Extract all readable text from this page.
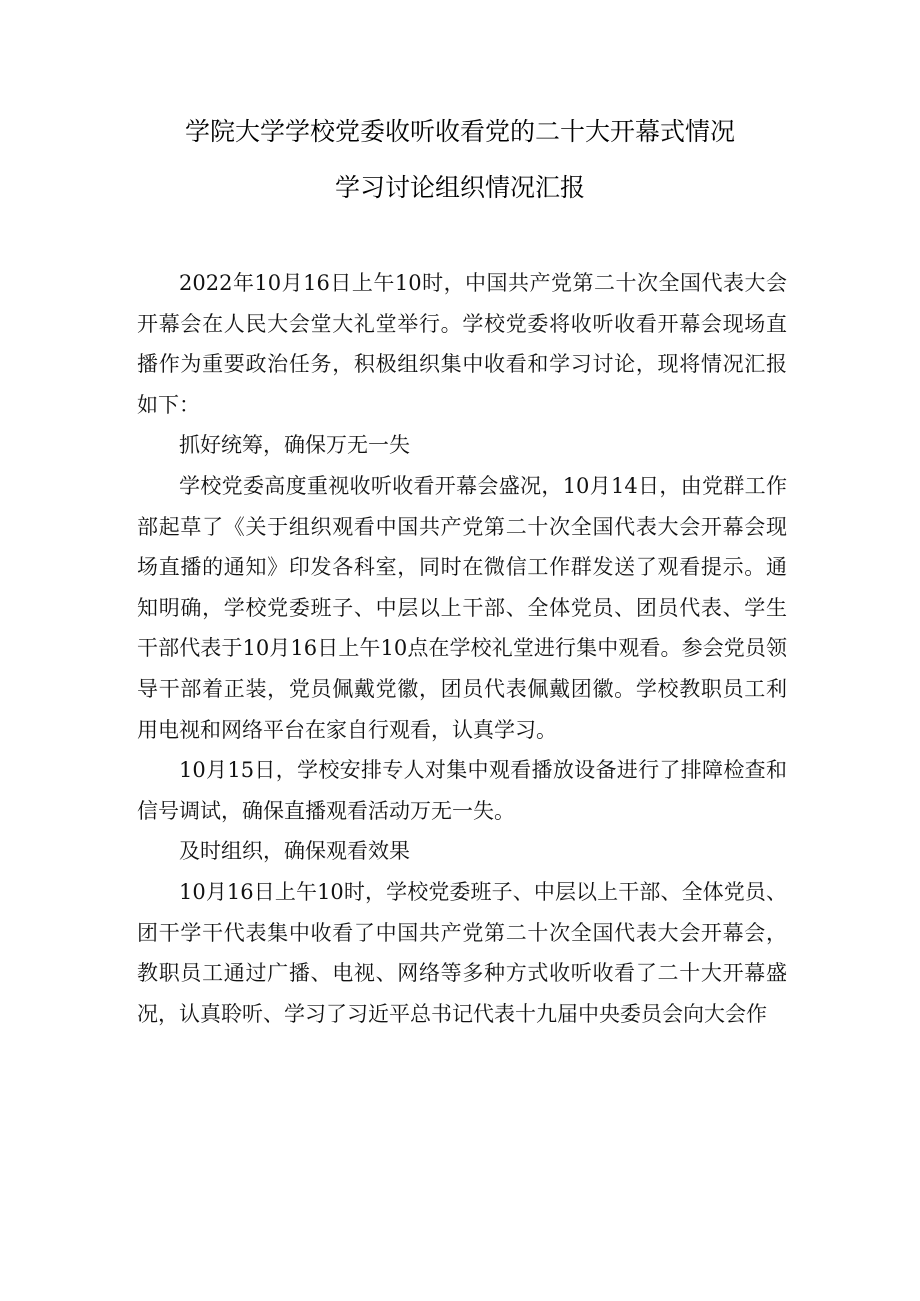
学院大学学校党委收听收看党的二十大开幕式情况
学习讨论组织情况汇报

2022年10月16日上午10时，中国共产党第二十次全国代表大会开幕会在人民大会堂大礼堂举行。学校党委将收听收看开幕会现场直播作为重要政治任务，积极组织集中收看和学习讨论，现将情况汇报如下：

抓好统筹，确保万无一失

学校党委高度重视收听收看开幕会盛况，10月14日，由党群工作部起草了《关于组织观看中国共产党第二十次全国代表大会开幕会现场直播的通知》印发各科室，同时在微信工作群发送了观看提示。通知明确，学校党委班子、中层以上干部、全体党员、团员代表、学生干部代表于10月16日上午10点在学校礼堂进行集中观看。参会党员领导干部着正装，党员佩戴党徽，团员代表佩戴团徽。学校教职员工利用电视和网络平台在家自行观看，认真学习。

10月15日，学校安排专人对集中观看播放设备进行了排障检查和信号调试，确保直播观看活动万无一失。

及时组织，确保观看效果

10月16日上午10时，学校党委班子、中层以上干部、全体党员、团干学干代表集中收看了中国共产党第二十次全国代表大会开幕会，教职员工通过广播、电视、网络等多种方式收听收看了二十大开幕盛况，认真聆听、学习了习近平总书记代表十九届中央委员会向大会作
